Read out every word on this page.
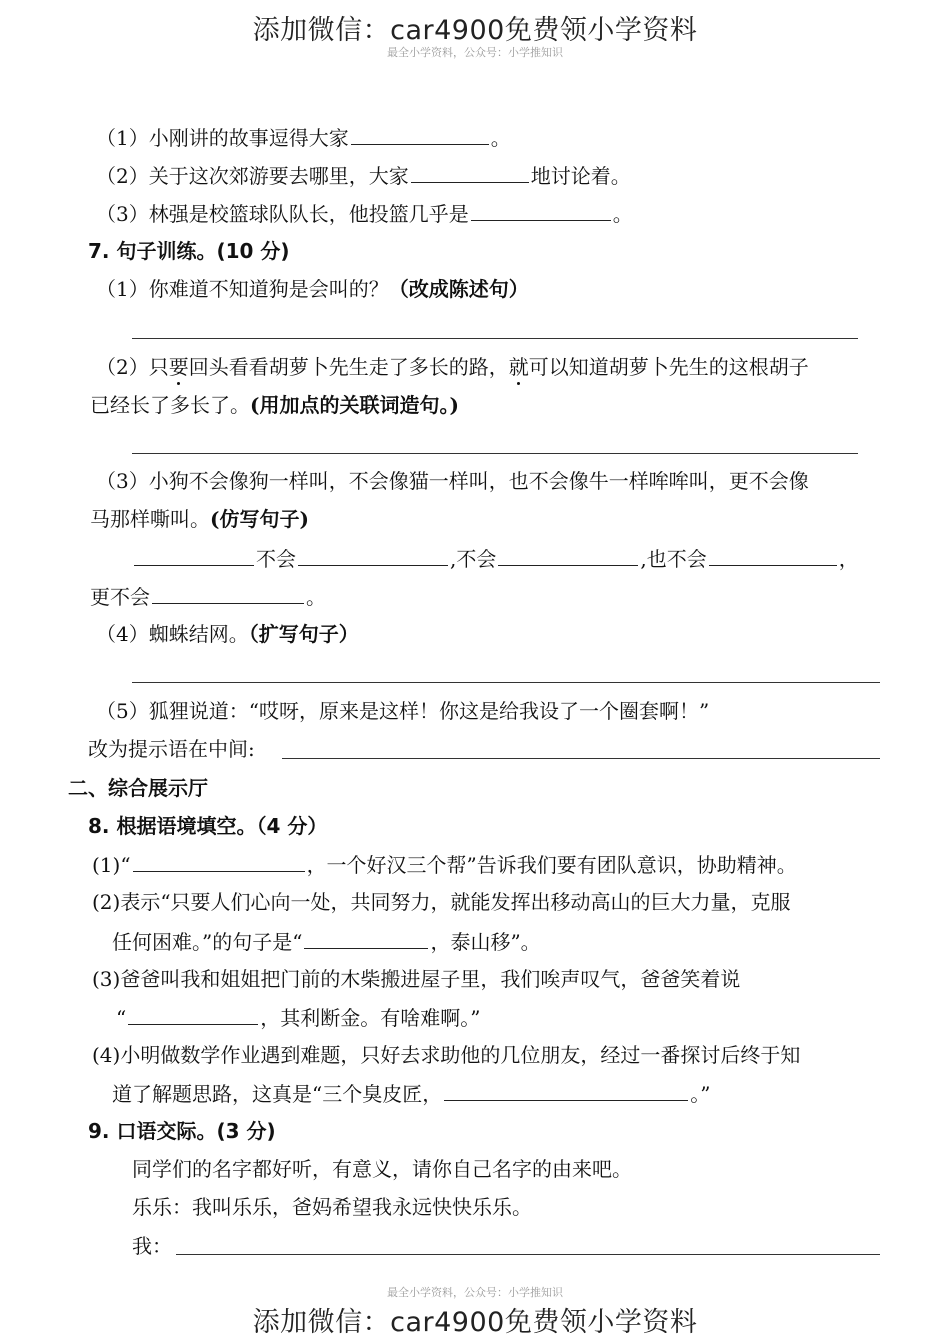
添加微信：car4900免费领小学资料
最全小学资料，公众号：小学推知识
（1）小刚讲的故事逗得大家	。
（2）关于这次郊游要去哪里，大家	地讨论着。
（3）林强是校篮球队队长，他投篮几乎是	。
7. 句子训练。(10 分)
（1）你难道不知道狗是会叫的？（改成陈述句）
（2）只要回头看看胡萝卜先生走了多长的路，就可以知道胡萝卜先生的这根胡子
已经长了多长了。(用加点的关联词造句。)
（3）小狗不会像狗一样叫，不会像猫一样叫，也不会像牛一样哞哞叫，更不会像
马那样嘶叫。(仿写句子)
不会	,不会	,也不会	，
更不会	。
（4）蜘蛛结网。（扩写句子）
（5）狐狸说道：“哎呀，原来是这样！你这是给我设了一个圈套啊！”
改为提示语在中间:
二、综合展示厅
8. 根据语境填空。（4 分）
(1)“	，一个好汉三个帮”告诉我们要有团队意识，协助精神。
(2)表示“只要人们心向一处，共同努力，就能发挥出移动高山的巨大力量，克服
任何困难。”的句子是“	，泰山移”。
(3)爸爸叫我和姐姐把门前的木柴搬进屋子里，我们唉声叹气，爸爸笑着说
“	，其利断金。有啥难啊。”
(4)小明做数学作业遇到难题，只好去求助他的几位朋友，经过一番探讨后终于知
道了解题思路，这真是“三个臭皮匠，	。”
9. 口语交际。(3 分)
同学们的名字都好听，有意义，请你自己名字的由来吧。
乐乐：我叫乐乐，爸妈希望我永远快快乐乐。
我：
最全小学资料，公众号：小学推知识
添加微信：car4900免费领小学资料
